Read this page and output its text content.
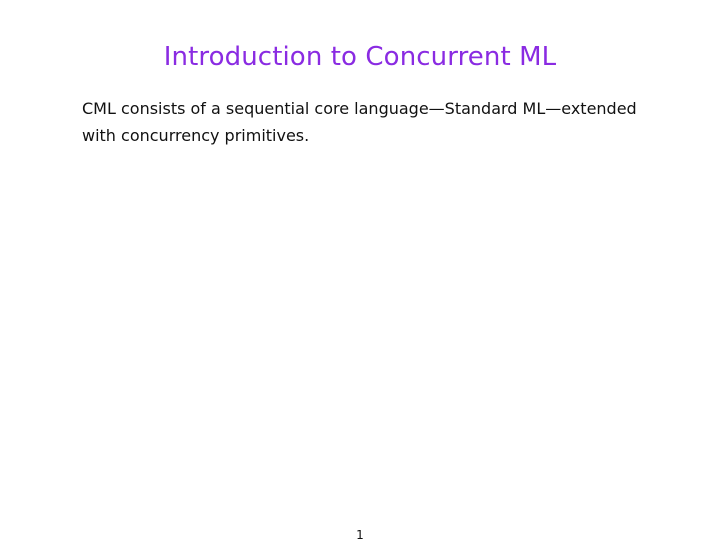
Introduction to Concurrent ML
CML consists of a sequential core language—Standard ML—extended with concurrency primitives.
1
